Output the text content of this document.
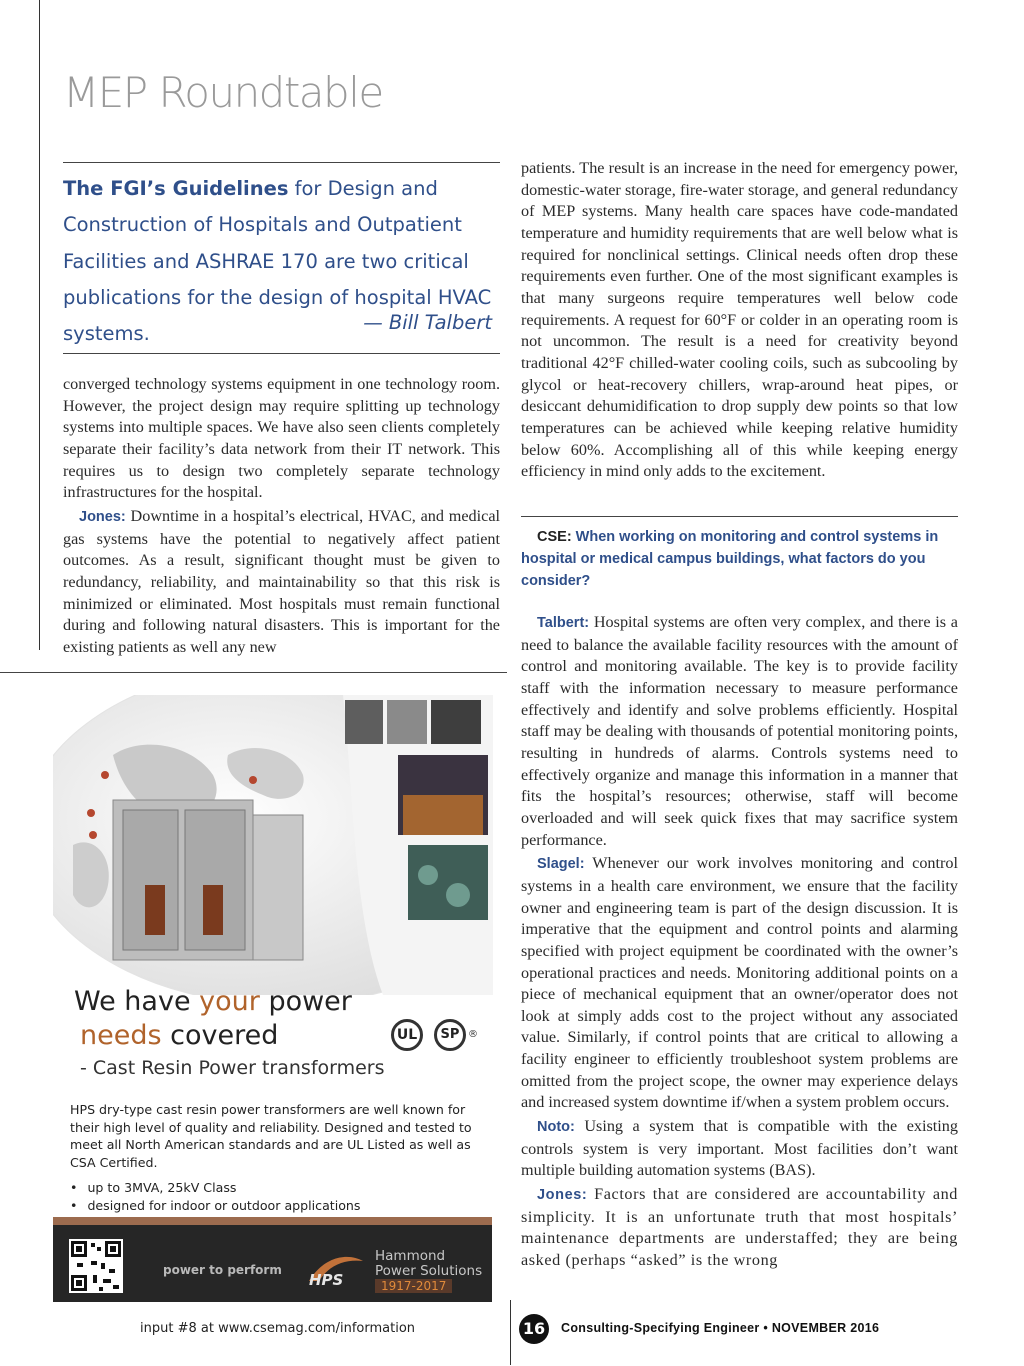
MEP Roundtable

The FGI’s Guidelines for Design and Construction of Hospitals and Outpatient Facilities and ASHRAE 170 are two critical publications for the design of hospital HVAC systems.	— Bill Talbert

converged technology systems equipment in one technology room. However, the project design may require splitting up technology systems into multiple spaces. We have also seen clients completely separate their facility’s data network from their IT network. This requires us to design two completely separate technology infrastructures for the hospital.

Jones: Downtime in a hospital’s electrical, HVAC, and medical gas systems have the potential to negatively affect patient outcomes. As a result, significant thought must be given to redundancy, reliability, and maintainability so that this risk is minimized or eliminated. Most hospitals must remain functional during and following natural disasters. This is important for the existing patients as well any new

patients. The result is an increase in the need for emergency power, domestic-water storage, fire-water storage, and general redundancy of MEP systems. Many health care spaces have code-mandated temperature and humidity requirements that are well below what is required for nonclinical settings. Clinical needs often drop these requirements even further. One of the most significant examples is that many surgeons require temperatures well below code requirements. A request for 60°F or colder in an operating room is not uncommon. The result is a need for creativity beyond traditional 42°F chilled-water cooling coils, such as subcooling by glycol or heat-recovery chillers, wrap-around heat pipes, or desiccant dehumidification to drop supply dew points so that low temperatures can be achieved while keeping relative humidity below 60%. Accomplishing all of this while keeping energy efficiency in mind only adds to the excitement.

CSE: When working on monitoring and control systems in hospital or medical campus buildings, what factors do you consider?

Talbert: Hospital systems are often very complex, and there is a need to balance the available facility resources with the amount of control and monitoring available. The key is to provide facility staff with the information necessary to measure performance effectively and identify and solve problems efficiently. Hospital staff may be dealing with thousands of potential monitoring points, resulting in hundreds of alarms. Controls systems need to effectively organize and manage this information in a manner that fits the hospital’s resources; otherwise, staff will become overloaded and will seek quick fixes that may sacrifice system performance.

Slagel: Whenever our work involves monitoring and control systems in a health care environment, we ensure that the facility owner and engineering team is part of the design discussion. It is imperative that the equipment and control points and alarming specified with project equipment be coordinated with the owner’s operational practices and needs. Monitoring additional points on a piece of mechanical equipment that an owner/operator does not look at simply adds cost to the project without any associated value. Similarly, if control points that are critical to allowing a facility engineer to efficiently troubleshoot system problems are omitted from the project scope, the owner may experience delays and increased system downtime if/when a system problem occurs.

Noto: Using a system that is compatible with the existing controls system is very important. Most facilities don’t want multiple building automation systems (BAS).

Jones: Factors that are considered are accountability and simplicity. It is an unfortunate truth that most hospitals’ maintenance departments are understaffed; they are being asked (perhaps “asked” is the wrong

We have your power
needs covered	UL	SP ®
- Cast Resin Power transformers
HPS dry-type cast resin power transformers are well known for their high level of quality and reliability. Designed and tested to meet all North American standards and are UL Listed as well as CSA Certified.
• up to 3MVA, 25kV Class
• designed for indoor or outdoor applications
power to perform
HPS
Hammond
Power Solutions
1917-2017
input #8 at www.csemag.com/information	16	Consulting-Specifying Engineer • NOVEMBER 2016
